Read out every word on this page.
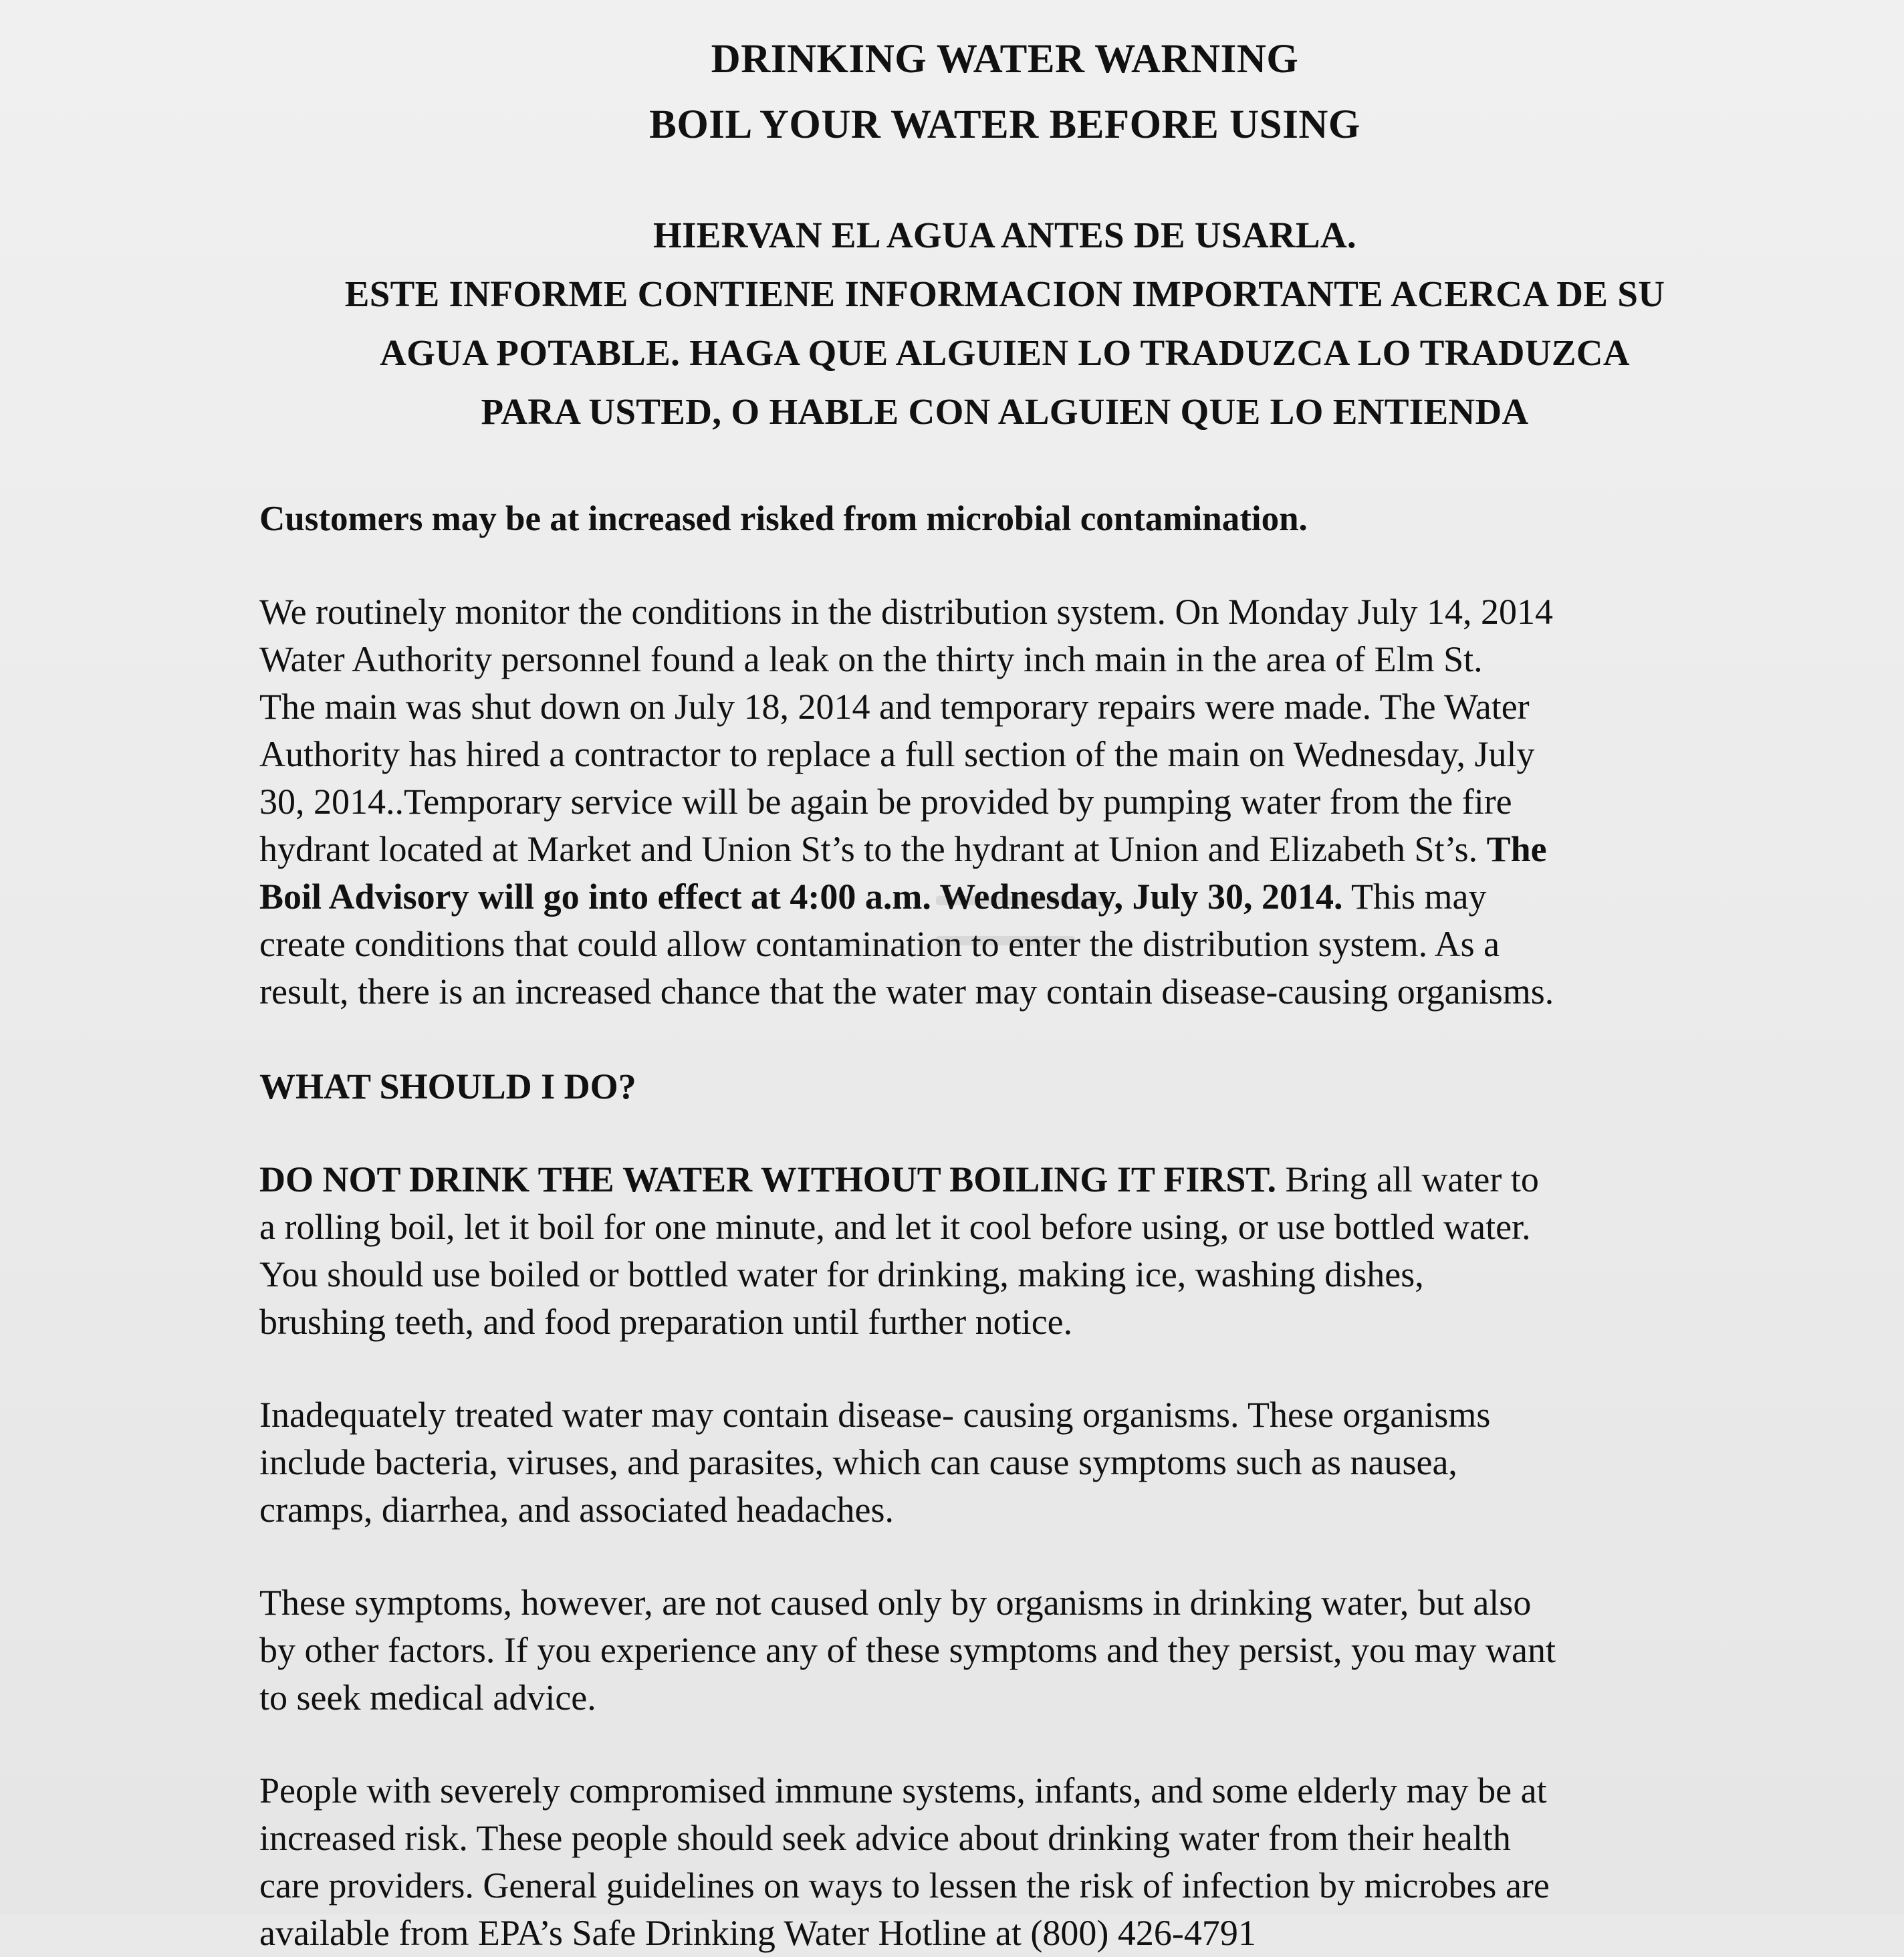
DRINKING WATER WARNING
BOIL YOUR WATER BEFORE USING
HIERVAN EL AGUA ANTES DE USARLA.
ESTE INFORME CONTIENE INFORMACION IMPORTANTE ACERCA DE SU
AGUA POTABLE. HAGA QUE ALGUIEN LO TRADUZCA LO TRADUZCA
PARA USTED, O HABLE CON ALGUIEN QUE LO ENTIENDA
Customers may be at increased risked from microbial contamination.
We routinely monitor the conditions in the distribution system. On Monday July 14, 2014
Water Authority personnel found a leak on the thirty inch main in the area of Elm St.
The main was shut down on July 18, 2014 and temporary repairs were made. The Water
Authority has hired a contractor to replace a full section of the main on Wednesday, July
30, 2014..Temporary service will be again be provided by pumping water from the fire
hydrant located at Market and Union St’s to the hydrant at Union and Elizabeth St’s. The
Boil Advisory will go into effect at 4:00 a.m. Wednesday, July 30, 2014. This may
create conditions that could allow contamination to enter the distribution system. As a
result, there is an increased chance that the water may contain disease-causing organisms.
WHAT SHOULD I DO?
DO NOT DRINK THE WATER WITHOUT BOILING IT FIRST. Bring all water to
a rolling boil, let it boil for one minute, and let it cool before using, or use bottled water.
You should use boiled or bottled water for drinking, making ice, washing dishes,
brushing teeth, and food preparation until further notice.
Inadequately treated water may contain disease- causing organisms. These organisms
include bacteria, viruses, and parasites, which can cause symptoms such as nausea,
cramps, diarrhea, and associated headaches.
These symptoms, however, are not caused only by organisms in drinking water, but also
by other factors. If you experience any of these symptoms and they persist, you may want
to seek medical advice.
People with severely compromised immune systems, infants, and some elderly may be at
increased risk. These people should seek advice about drinking water from their health
care providers. General guidelines on ways to lessen the risk of infection by microbes are
available from EPA’s Safe Drinking Water Hotline at (800) 426-4791
